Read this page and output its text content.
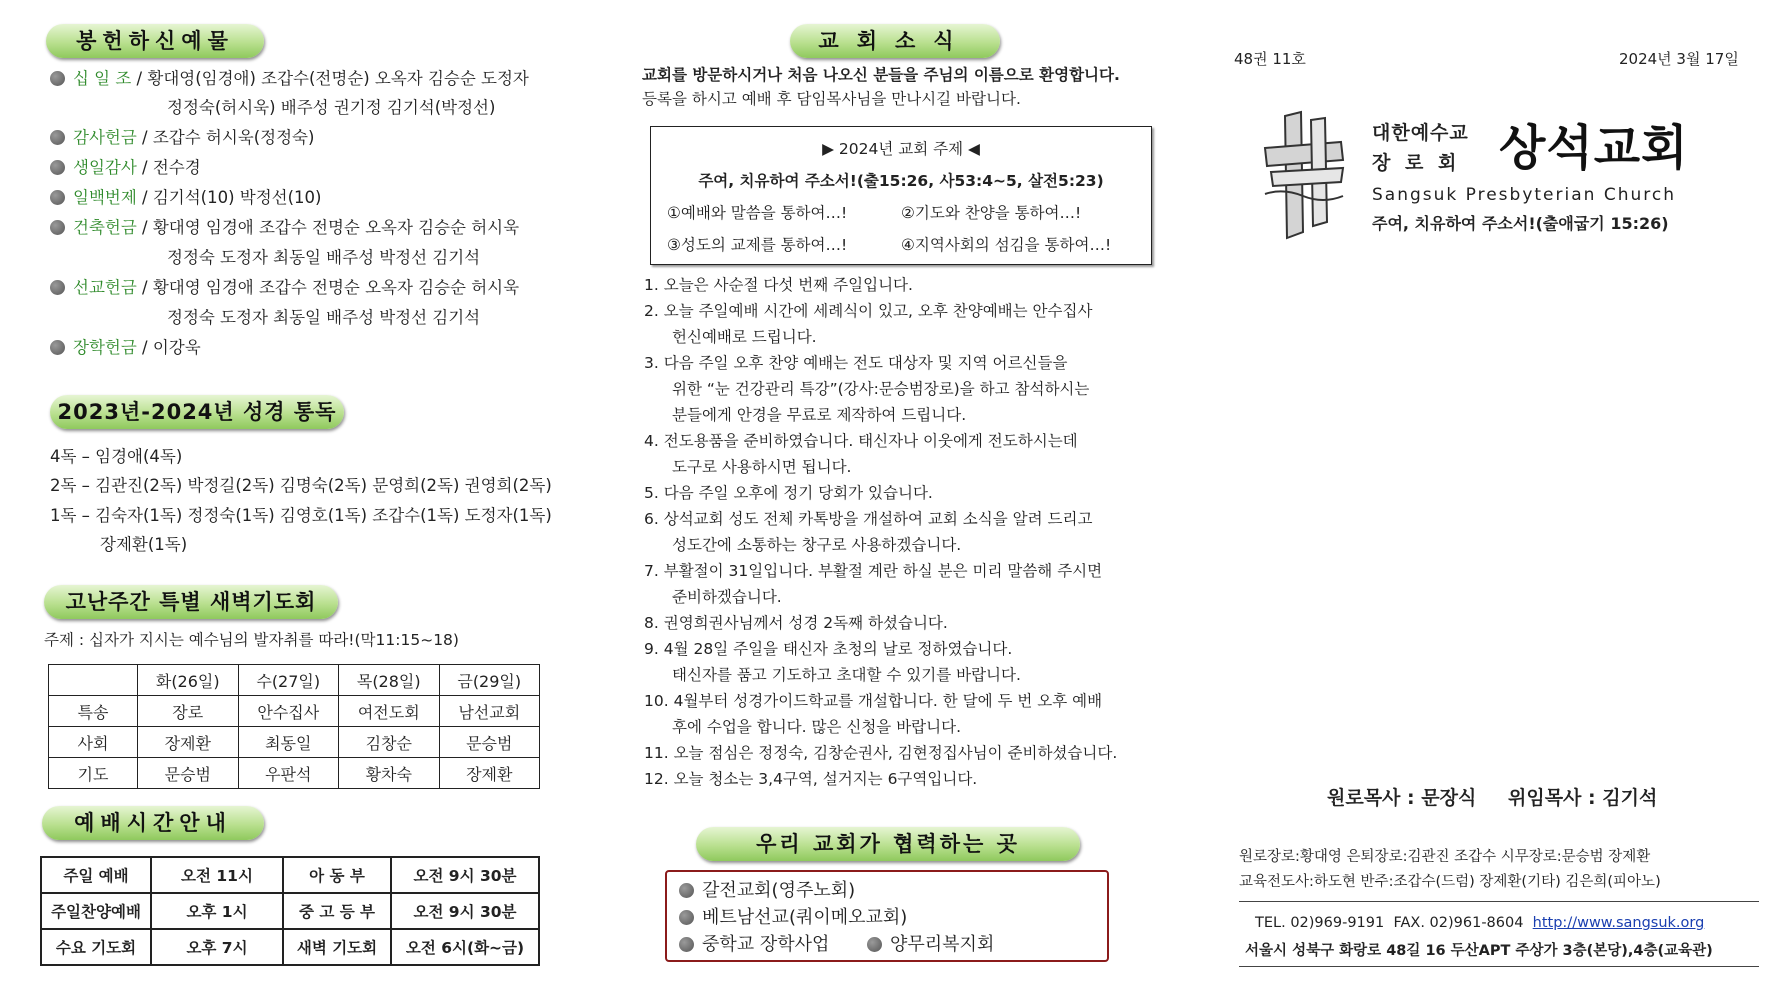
봉헌하신예물
십 일 조 / 황대영(임경애) 조갑수(전명순) 오옥자 김승순 도정자
정정숙(허시욱) 배주성 권기정 김기석(박정선)
감사헌금 / 조갑수 허시욱(정정숙)
생일감사 / 전수경
일백번제 / 김기석(10) 박정선(10)
건축헌금 / 황대영 임경애 조갑수 전명순 오옥자 김승순 허시욱
정정숙 도정자 최동일 배주성 박정선 김기석
선교헌금 / 황대영 임경애 조갑수 전명순 오옥자 김승순 허시욱
정정숙 도정자 최동일 배주성 박정선 김기석
장학헌금 / 이강욱
2023년-2024년 성경 통독
4독 – 임경애(4독)
2독 – 김관진(2독) 박정길(2독) 김명숙(2독) 문영희(2독) 권영희(2독)
1독 – 김숙자(1독) 정정숙(1독) 김영호(1독) 조갑수(1독) 도정자(1독)
장제환(1독)
고난주간 특별 새벽기도회
주제 : 십자가 지시는 예수님의 발자취를 따라!(막11:15~18)
	화(26일)	수(27일)	목(28일)	금(29일)
특송	장로	안수집사	여전도회	남선교회
사회	장제환	최동일	김창순	문승범
기도	문승범	우판석	황차숙	장제환
예배시간안내
주일 예배	오전 11시	아 동 부	오전 9시 30분
주일찬양예배	오후 1시	중 고 등 부	오전 9시 30분
수요 기도회	오후 7시	새벽 기도회	오전 6시(화~금)
교회소식
교회를 방문하시거나 처음 나오신 분들을 주님의 이름으로 환영합니다.
등록을 하시고 예배 후 담임목사님을 만나시길 바랍니다.
▶ 2024년 교회 주제 ◀
주여, 치유하여 주소서!(출15:26, 사53:4~5, 살전5:23)
①예배와 말씀을 통하여…!	②기도와 찬양을 통하여…!
③성도의 교제를 통하여…!	④지역사회의 섬김을 통하여…!
1. 오늘은 사순절 다섯 번째 주일입니다.
2. 오늘 주일예배 시간에 세례식이 있고, 오후 찬양예배는 안수집사
헌신예배로 드립니다.
3. 다음 주일 오후 찬양 예배는 전도 대상자 및 지역 어르신들을
위한 “눈 건강관리 특강”(강사:문승범장로)을 하고 참석하시는
분들에게 안경을 무료로 제작하여 드립니다.
4. 전도용품을 준비하였습니다. 태신자나 이웃에게 전도하시는데
도구로 사용하시면 됩니다.
5. 다음 주일 오후에 정기 당회가 있습니다.
6. 상석교회 성도 전체 카톡방을 개설하여 교회 소식을 알려 드리고
성도간에 소통하는 창구로 사용하겠습니다.
7. 부활절이 31일입니다. 부활절 계란 하실 분은 미리 말씀해 주시면
준비하겠습니다.
8. 권영희권사님께서 성경 2독째 하셨습니다.
9. 4월 28일 주일을 태신자 초청의 날로 정하였습니다.
태신자를 품고 기도하고 초대할 수 있기를 바랍니다.
10. 4월부터 성경가이드학교를 개설합니다. 한 달에 두 번 오후 예배
후에 수업을 합니다. 많은 신청을 바랍니다.
11. 오늘 점심은 정정숙, 김창순권사, 김현정집사님이 준비하셨습니다.
12. 오늘 청소는 3,4구역, 설거지는 6구역입니다.
우리 교회가 협력하는 곳
갈전교회(영주노회)
베트남선교(쿼이메오교회)
중학교 장학사업	양무리복지회
48권 11호	2024년 3월 17일
대한예수교
장 로 회 상석교회
Sangsuk Presbyterian Church
주여, 치유하여 주소서!(출애굽기 15:26)
원로목사 : 문장식 위임목사 : 김기석
원로장로:황대영 은퇴장로:김관진 조갑수 시무장로:문승범 장제환
교육전도사:하도현 반주:조갑수(드럼) 장제환(기타) 김은희(피아노)
TEL. 02)969-9191 FAX. 02)961-8604 http://www.sangsuk.org
서울시 성북구 화랑로 48길 16 두산APT 주상가 3층(본당),4층(교육관)
